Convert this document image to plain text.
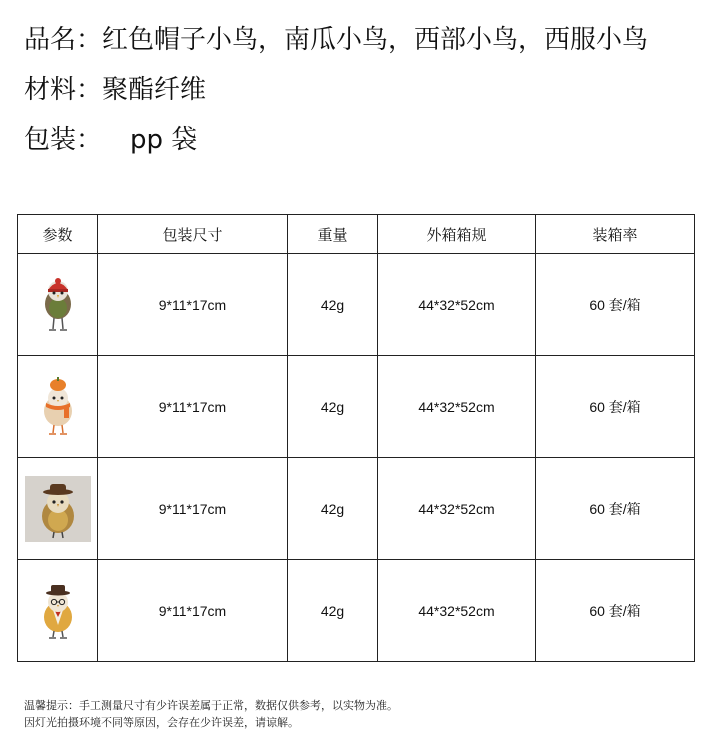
品名：红色帽子小鸟，南瓜小鸟，西部小鸟，西服小鸟
材料：聚酯纤维
包装： pp 袋
参数	包装尺寸	重量	外箱箱规	装箱率

	9*11*17cm	42g	44*32*52cm	60 套/箱

	9*11*17cm	42g	44*32*52cm	60 套/箱

	9*11*17cm	42g	44*32*52cm	60 套/箱

	9*11*17cm	42g	44*32*52cm	60 套/箱
温馨提示：手工测量尺寸有少许误差属于正常，数据仅供参考，以实物为准。
因灯光拍摄环境不同等原因，会存在少许误差，请谅解。
